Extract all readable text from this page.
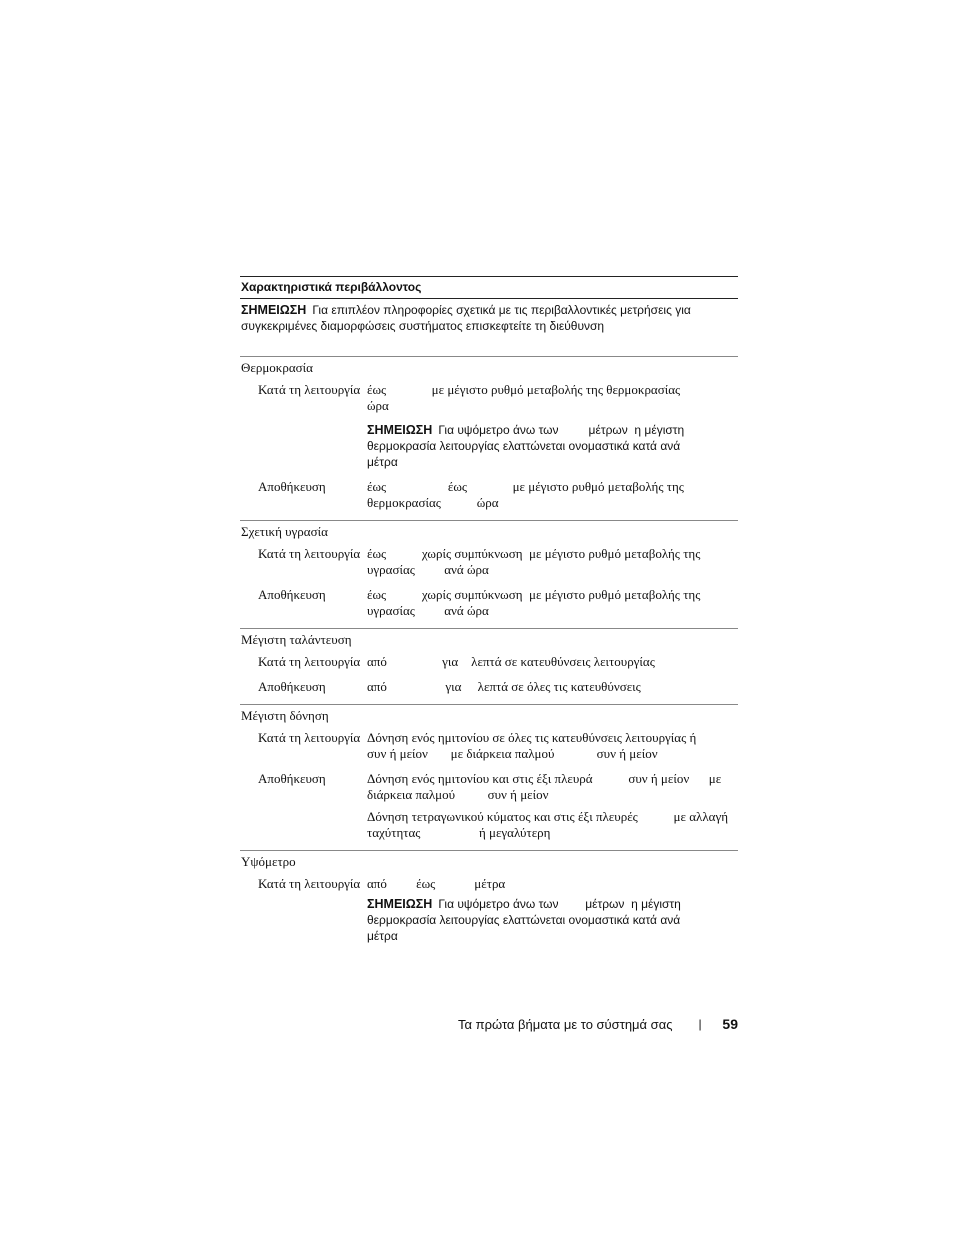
Χαρακτηριστικά περιβάλλοντος
ΣΗΜΕΙΩΣΗ Για επιπλέον πληροφορίες σχετικά με τις περιβαλλοντικές μετρήσεις για συγκεκριμένες διαμορφώσεις συστήματος επισκεφτείτε τη διεύθυνση
Θερμοκρασία
Κατά τη λειτουργία έως              με μέγιστο ρυθμό μεταβολής της θερμοκρασίας              ώρα
ΣΗΜΕΙΩΣΗ Για υψόμετρο άνω των         μέτρων  η μέγιστη θερμοκρασία λειτουργίας ελαττώνεται ονομαστικά κατά ανά        μέτρα
Αποθήκευση	έως                   έως              με μέγιστο ρυθμό μεταβολής της θερμοκρασίας           ώρα
Σχετική υγρασία
Κατά τη λειτουργία έως           χωρίς συμπύκνωση  με μέγιστο ρυθμό μεταβολής της υγρασίας         ανά ώρα
Αποθήκευση	έως           χωρίς συμπύκνωση  με μέγιστο ρυθμό μεταβολής της υγρασίας         ανά ώρα
Μέγιστη ταλάντευση
Κατά τη λειτουργία από                 για    λεπτά σε κατευθύνσεις λειτουργίας
Αποθήκευση	από                  για     λεπτά σε όλες τις κατευθύνσεις
Μέγιστη δόνηση
Κατά τη λειτουργία Δόνηση ενός ημιτονίου σε όλες τις κατευθύνσεις λειτουργίας ή          συν ή μείον       με διάρκεια παλμού             συν ή μείον
Αποθήκευση	Δόνηση ενός ημιτονίου και στις έξι πλευρά           συν ή μείον      με διάρκεια παλμού          συν ή μείον
Δόνηση τετραγωνικού κύματος και στις έξι πλευρές           με αλλαγή ταχύτητας                  ή μεγαλύτερη
Υψόμετρο
Κατά τη λειτουργία από         έως            μέτρα
ΣΗΜΕΙΩΣΗ Για υψόμετρο άνω των        μέτρων  η μέγιστη θερμοκρασία λειτουργίας ελαττώνεται ονομαστικά κατά ανά        μέτρα
Τα πρώτα βήματα με το σύστημά σας | 59
